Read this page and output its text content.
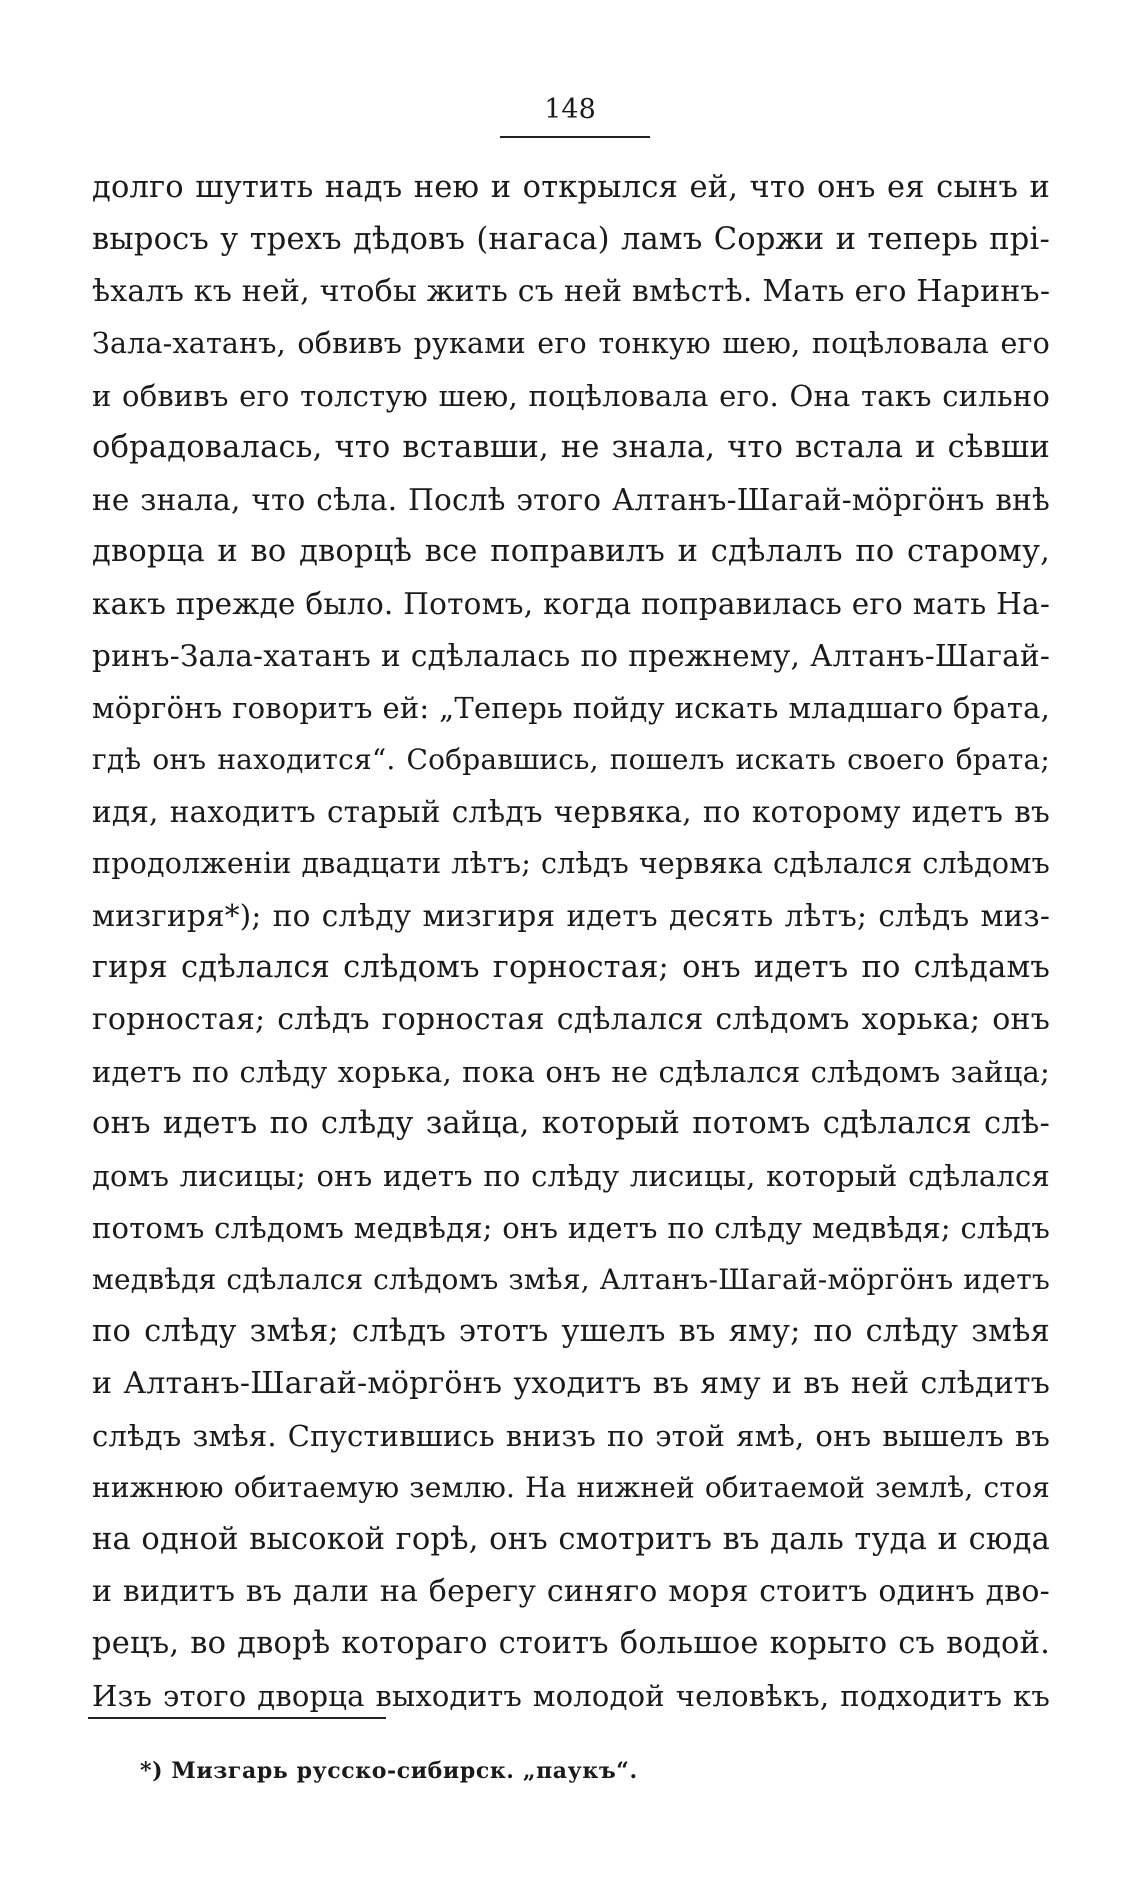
148
долго шутить надъ нею и открылся ей, что онъ ея сынъ и
выросъ у трехъ дѣдовъ (нагаса) ламъ Соржи и теперь прі-
ѣхалъ къ ней, чтобы жить съ ней вмѣстѣ. Мать его Наринъ-
Зала-хатанъ, обвивъ руками его тонкую шею, поцѣловала его
и обвивъ его толстую шею, поцѣловала его. Она такъ сильно
обрадовалась, что вставши, не знала, что встала и сѣвши
не знала, что сѣла. Послѣ этого Алтанъ-Шагай-мöргöнъ внѣ
дворца и во дворцѣ все поправилъ и сдѣлалъ по старому,
какъ прежде было. Потомъ, когда поправилась его мать На-
ринъ-Зала-хатанъ и сдѣлалась по прежнему, Алтанъ-Шагай-
мöргöнъ говоритъ ей: „Теперь пойду искать младшаго брата,
гдѣ онъ находится“. Собравшись, пошелъ искать своего брата;
идя, находитъ старый слѣдъ червяка, по которому идетъ въ
продолженіи двадцати лѣтъ; слѣдъ червяка сдѣлался слѣдомъ
мизгиря*); по слѣду мизгиря идетъ десять лѣтъ; слѣдъ миз-
гиря сдѣлался слѣдомъ горностая; онъ идетъ по слѣдамъ
горностая; слѣдъ горностая сдѣлался слѣдомъ хорька; онъ
идетъ по слѣду хорька, пока онъ не сдѣлался слѣдомъ зайца;
онъ идетъ по слѣду зайца, который потомъ сдѣлался слѣ-
домъ лисицы; онъ идетъ по слѣду лисицы, который сдѣлался
потомъ слѣдомъ медвѣдя; онъ идетъ по слѣду медвѣдя; слѣдъ
медвѣдя сдѣлался слѣдомъ змѣя, Алтанъ-Шагай-мöргöнъ идетъ
по слѣду змѣя; слѣдъ этотъ ушелъ въ яму; по слѣду змѣя
и Алтанъ-Шагай-мöргöнъ уходитъ въ яму и въ ней слѣдитъ
слѣдъ змѣя. Спустившись внизъ по этой ямѣ, онъ вышелъ въ
нижнюю обитаемую землю. На нижней обитаемой землѣ, стоя
на одной высокой горѣ, онъ смотритъ въ даль туда и сюда
и видитъ въ дали на берегу синяго моря стоитъ одинъ дво-
рецъ, во дворѣ котораго стоитъ большое корыто съ водой.
Изъ этого дворца выходитъ молодой человѣкъ, подходитъ къ
*) Мизгарь русско-сибирск. „паукъ“.
